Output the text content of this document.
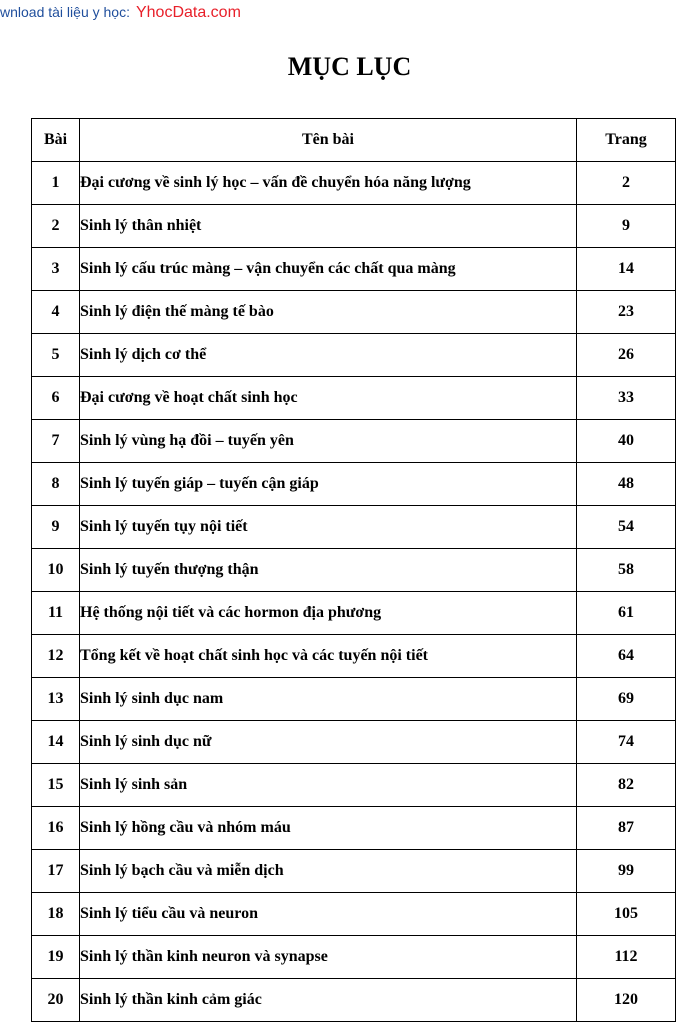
wnload tài liệu y học: YhocData.com
MỤC LỤC
Bài	Tên bài	Trang
1	Đại cương về sinh lý học – vấn đề chuyển hóa năng lượng	2
2	Sinh lý thân nhiệt	9
3	Sinh lý cấu trúc màng – vận chuyển các chất qua màng	14
4	Sinh lý điện thế màng tế bào	23
5	Sinh lý dịch cơ thể	26
6	Đại cương về hoạt chất sinh học	33
7	Sinh lý vùng hạ đồi – tuyến yên	40
8	Sinh lý tuyến giáp – tuyến cận giáp	48
9	Sinh lý tuyến tụy nội tiết	54
10	Sinh lý tuyến thượng thận	58
11	Hệ thống nội tiết và các hormon địa phương	61
12	Tổng kết về hoạt chất sinh học và các tuyến nội tiết	64
13	Sinh lý sinh dục nam	69
14	Sinh lý sinh dục nữ	74
15	Sinh lý sinh sản	82
16	Sinh lý hồng cầu và nhóm máu	87
17	Sinh lý bạch cầu và miễn dịch	99
18	Sinh lý tiểu cầu và neuron	105
19	Sinh lý thần kinh neuron và synapse	112
20	Sinh lý thần kinh cảm giác	120
